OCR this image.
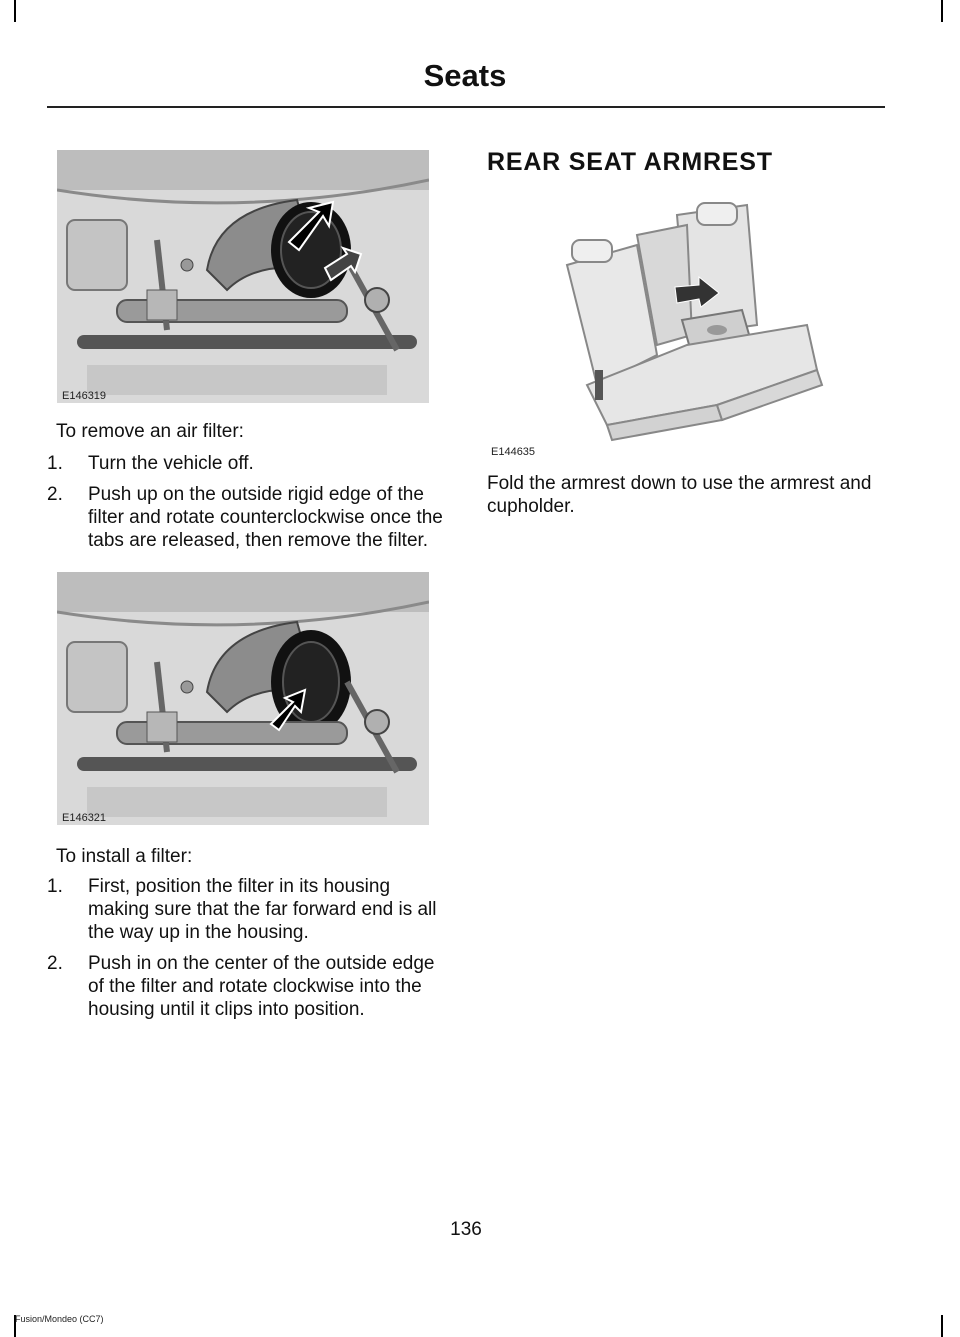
Seats
E146319
To remove an air filter:
1. Turn the vehicle off.
2. Push up on the outside rigid edge of the filter and rotate counterclockwise once the tabs are released, then remove the filter.
E146321
To install a filter:
1. First, position the filter in its housing making sure that the far forward end is all the way up in the housing.
2. Push in on the center of the outside edge of the filter and rotate clockwise into the housing until it clips into position.
REAR SEAT ARMREST
E144635
Fold the armrest down to use the armrest and cupholder.
136
Fusion/Mondeo (CC7)
